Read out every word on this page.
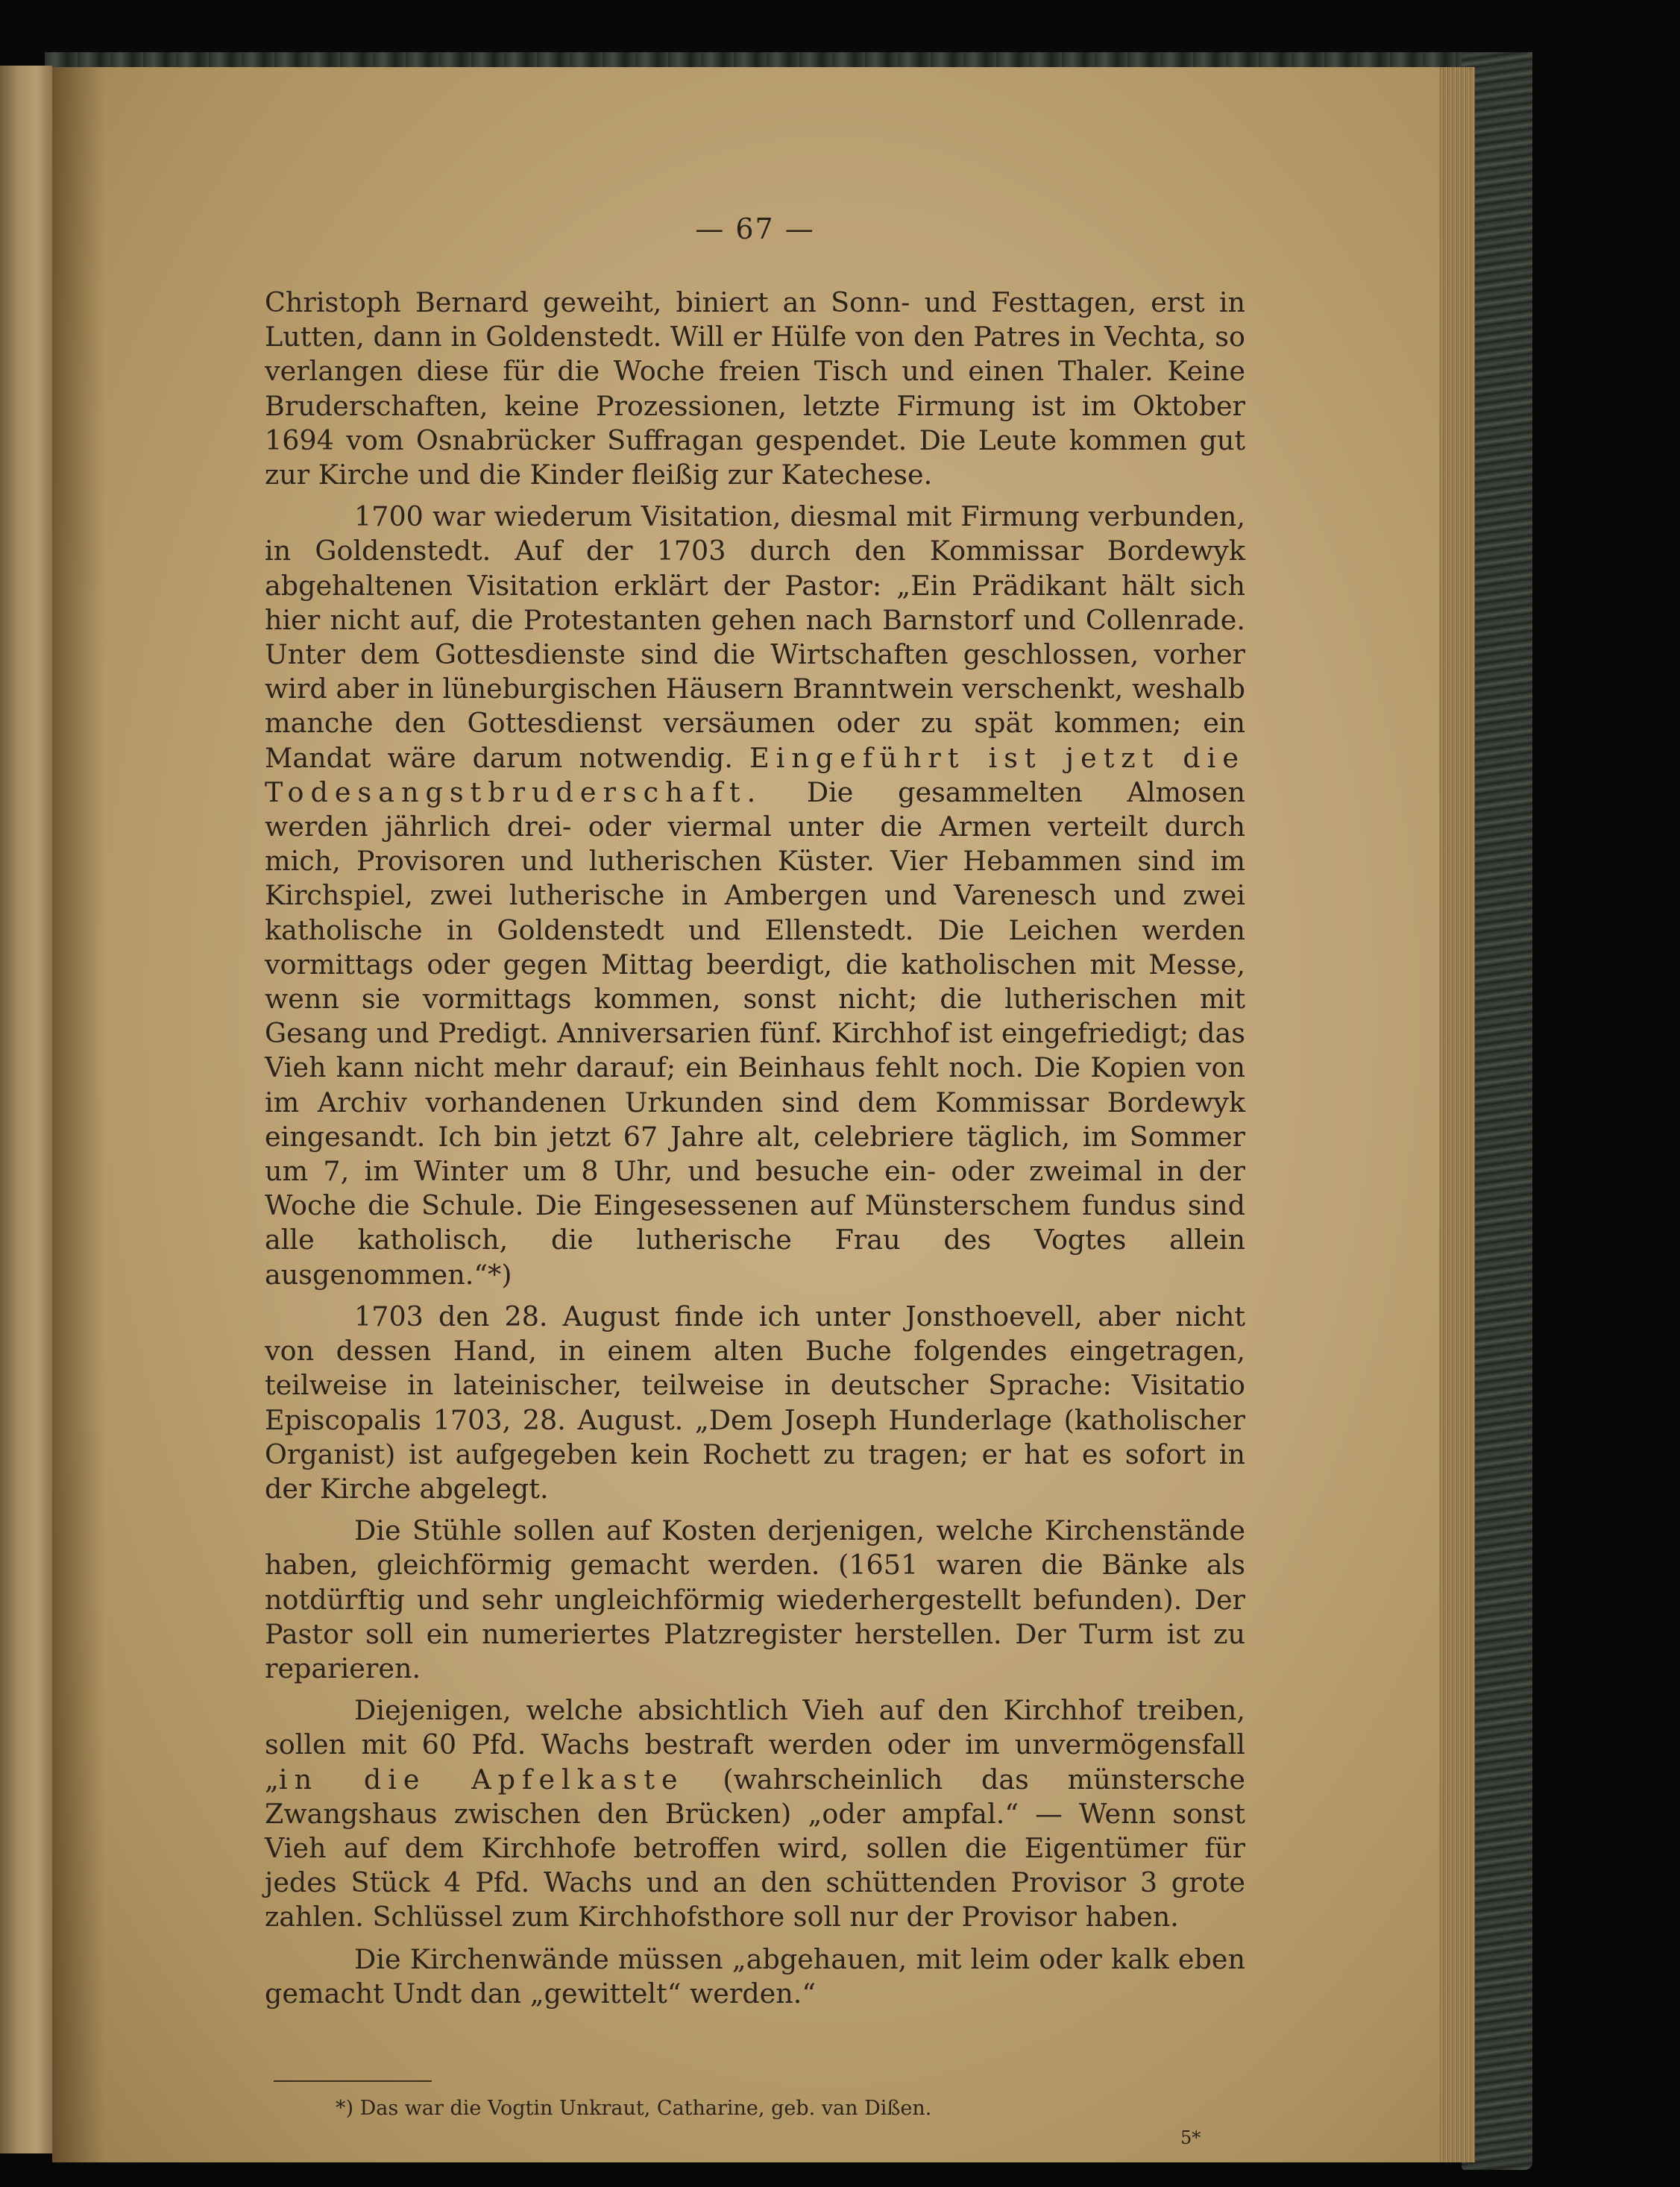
— 67 —

Christoph Bernard geweiht, biniert an Sonn- und Festtagen, erst in Lutten, dann in Goldenstedt. Will er Hülfe von den Patres in Vechta, so verlangen diese für die Woche freien Tisch und einen Thaler. Keine Bruderschaften, keine Prozessionen, letzte Firmung ist im Oktober 1694 vom Osnabrücker Suffragan gespendet. Die Leute kommen gut zur Kirche und die Kinder fleißig zur Katechese.

1700 war wiederum Visitation, diesmal mit Firmung verbunden, in Goldenstedt. Auf der 1703 durch den Kommissar Bordewyk abgehaltenen Visitation erklärt der Pastor: „Ein Prädikant hält sich hier nicht auf, die Protestanten gehen nach Barnstorf und Collenrade. Unter dem Gottesdienste sind die Wirtschaften geschlossen, vorher wird aber in lüneburgischen Häusern Branntwein verschenkt, weshalb manche den Gottesdienst versäumen oder zu spät kommen; ein Mandat wäre darum notwendig. Eingeführt ist jetzt die Todesangstbruderschaft. Die gesammelten Almosen werden jährlich drei- oder viermal unter die Armen verteilt durch mich, Provisoren und lutherischen Küster. Vier Hebammen sind im Kirchspiel, zwei lutherische in Ambergen und Varenesch und zwei katholische in Goldenstedt und Ellenstedt. Die Leichen werden vormittags oder gegen Mittag beerdigt, die katholischen mit Messe, wenn sie vormittags kommen, sonst nicht; die lutherischen mit Gesang und Predigt. Anniversarien fünf. Kirchhof ist eingefriedigt; das Vieh kann nicht mehr darauf; ein Beinhaus fehlt noch. Die Kopien von im Archiv vorhandenen Urkunden sind dem Kommissar Bordewyk eingesandt. Ich bin jetzt 67 Jahre alt, celebriere täglich, im Sommer um 7, im Winter um 8 Uhr, und besuche ein- oder zweimal in der Woche die Schule. Die Eingesessenen auf Münsterschem fundus sind alle katholisch, die lutherische Frau des Vogtes allein ausgenommen.“*)

1703 den 28. August finde ich unter Jonsthoevell, aber nicht von dessen Hand, in einem alten Buche folgendes eingetragen, teilweise in lateinischer, teilweise in deutscher Sprache: Visitatio Episcopalis 1703, 28. August. „Dem Joseph Hunderlage (katholischer Organist) ist aufgegeben kein Rochett zu tragen; er hat es sofort in der Kirche abgelegt.

Die Stühle sollen auf Kosten derjenigen, welche Kirchenstände haben, gleichförmig gemacht werden. (1651 waren die Bänke als notdürftig und sehr ungleichförmig wiederhergestellt befunden). Der Pastor soll ein numeriertes Platzregister herstellen. Der Turm ist zu reparieren.

Diejenigen, welche absichtlich Vieh auf den Kirchhof treiben, sollen mit 60 Pfd. Wachs bestraft werden oder im unvermögensfall „in die Apfelkaste (wahrscheinlich das münstersche Zwangshaus zwischen den Brücken) „oder ampfal.“ — Wenn sonst Vieh auf dem Kirchhofe betroffen wird, sollen die Eigentümer für jedes Stück 4 Pfd. Wachs und an den schüttenden Provisor 3 grote zahlen. Schlüssel zum Kirchhofsthore soll nur der Provisor haben.

Die Kirchenwände müssen „abgehauen, mit leim oder kalk eben gemacht Undt dan „gewittelt“ werden.“

*) Das war die Vogtin Unkraut, Catharine, geb. van Dißen.
5*
